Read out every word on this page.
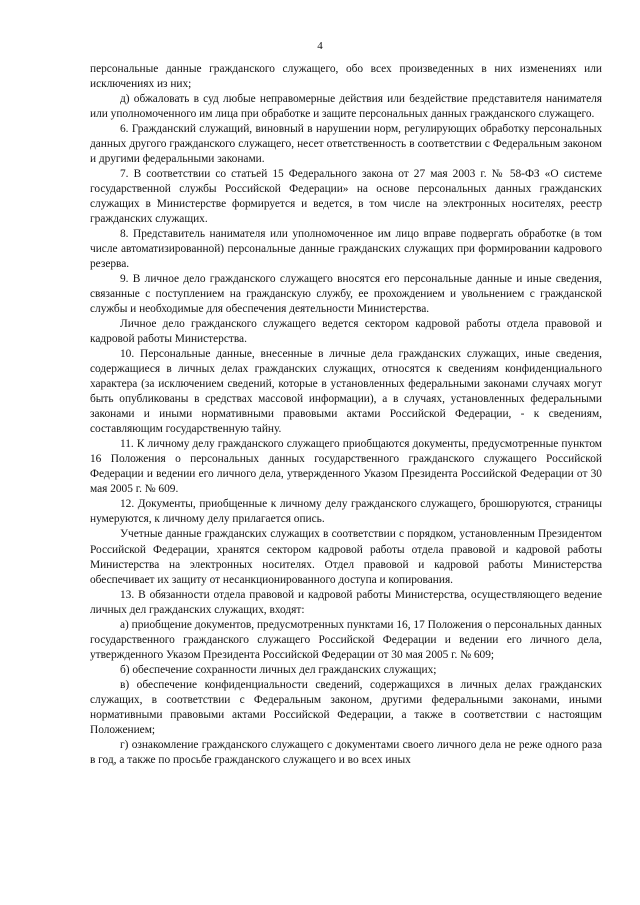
4

персональные данные гражданского служащего, обо всех произведенных в них изменениях или исключениях из них;

д) обжаловать в суд любые неправомерные действия или бездействие представителя нанимателя или уполномоченного им лица при обработке и защите персональных данных гражданского служащего.

6. Гражданский служащий, виновный в нарушении норм, регулирующих обработку персональных данных другого гражданского служащего, несет ответственность в соответствии с Федеральным законом и другими федеральными законами.

7. В соответствии со статьей 15 Федерального закона от 27 мая 2003 г. № 58-ФЗ «О системе государственной службы Российской Федерации» на основе персональных данных гражданских служащих в Министерстве формируется и ведется, в том числе на электронных носителях, реестр гражданских служащих.

8. Представитель нанимателя или уполномоченное им лицо вправе подвергать обработке (в том числе автоматизированной) персональные данные гражданских служащих при формировании кадрового резерва.

9. В личное дело гражданского служащего вносятся его персональные данные и иные сведения, связанные с поступлением на гражданскую службу, ее прохождением и увольнением с гражданской службы и необходимые для обеспечения деятельности Министерства.

Личное дело гражданского служащего ведется сектором кадровой работы отдела правовой и кадровой работы Министерства.

10. Персональные данные, внесенные в личные дела гражданских служащих, иные сведения, содержащиеся в личных делах гражданских служащих, относятся к сведениям конфиденциального характера (за исключением сведений, которые в установленных федеральными законами случаях могут быть опубликованы в средствах массовой информации), а в случаях, установленных федеральными законами и иными нормативными правовыми актами Российской Федерации, - к сведениям, составляющим государственную тайну.

11. К личному делу гражданского служащего приобщаются документы, предусмотренные пунктом 16 Положения о персональных данных государственного гражданского служащего Российской Федерации и ведении его личного дела, утвержденного Указом Президента Российской Федерации от 30 мая 2005 г. № 609.

12. Документы, приобщенные к личному делу гражданского служащего, брошюруются, страницы нумеруются, к личному делу прилагается опись.

Учетные данные гражданских служащих в соответствии с порядком, установленным Президентом Российской Федерации, хранятся сектором кадровой работы отдела правовой и кадровой работы Министерства на электронных носителях. Отдел правовой и кадровой работы Министерства обеспечивает их защиту от несанкционированного доступа и копирования.

13. В обязанности отдела правовой и кадровой работы Министерства, осуществляющего ведение личных дел гражданских служащих, входят:

а) приобщение документов, предусмотренных пунктами 16, 17 Положения о персональных данных государственного гражданского служащего Российской Федерации и ведении его личного дела, утвержденного Указом Президента Российской Федерации от 30 мая 2005 г. № 609;

б) обеспечение сохранности личных дел гражданских служащих;

в) обеспечение конфиденциальности сведений, содержащихся в личных делах гражданских служащих, в соответствии с Федеральным законом, другими федеральными законами, иными нормативными правовыми актами Российской Федерации, а также в соответствии с настоящим Положением;

г) ознакомление гражданского служащего с документами своего личного дела не реже одного раза в год, а также по просьбе гражданского служащего и во всех иных
